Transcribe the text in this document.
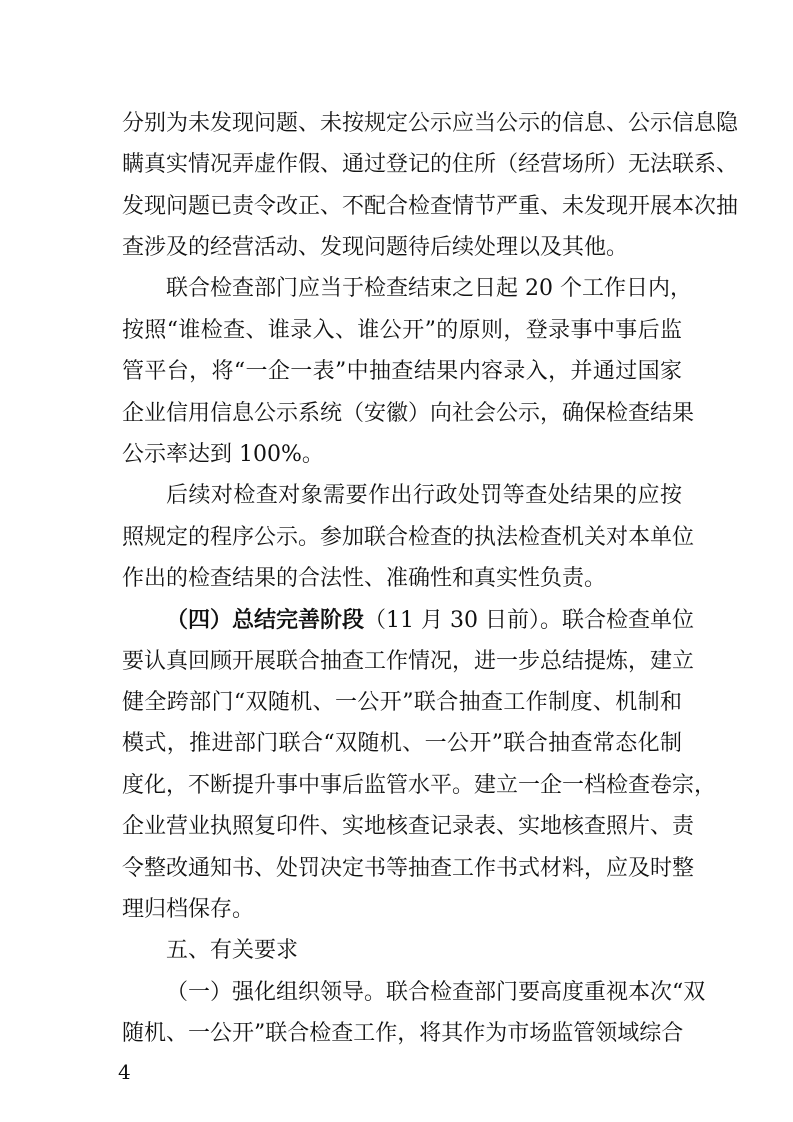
分别为未发现问题、未按规定公示应当公示的信息、公示信息隐
瞒真实情况弄虚作假、通过登记的住所（经营场所）无法联系、
发现问题已责令改正、不配合检查情节严重、未发现开展本次抽
查涉及的经营活动、发现问题待后续处理以及其他。
联合检查部门应当于检查结束之日起 20 个工作日内，
按照“谁检查、谁录入、谁公开”的原则，登录事中事后监
管平台，将“一企一表”中抽查结果内容录入，并通过国家
企业信用信息公示系统（安徽）向社会公示，确保检查结果
公示率达到 100%。
后续对检查对象需要作出行政处罚等查处结果的应按
照规定的程序公示。参加联合检查的执法检查机关对本单位
作出的检查结果的合法性、准确性和真实性负责。
（四）总结完善阶段（11 月 30 日前）。联合检查单位
要认真回顾开展联合抽查工作情况，进一步总结提炼，建立
健全跨部门“双随机、一公开”联合抽查工作制度、机制和
模式，推进部门联合“双随机、一公开”联合抽查常态化制
度化，不断提升事中事后监管水平。建立一企一档检查卷宗，
企业营业执照复印件、实地核查记录表、实地核查照片、责
令整改通知书、处罚决定书等抽查工作书式材料，应及时整
理归档保存。
五、有关要求
（一）强化组织领导。联合检查部门要高度重视本次“双
随机、一公开”联合检查工作，将其作为市场监管领域综合
4
